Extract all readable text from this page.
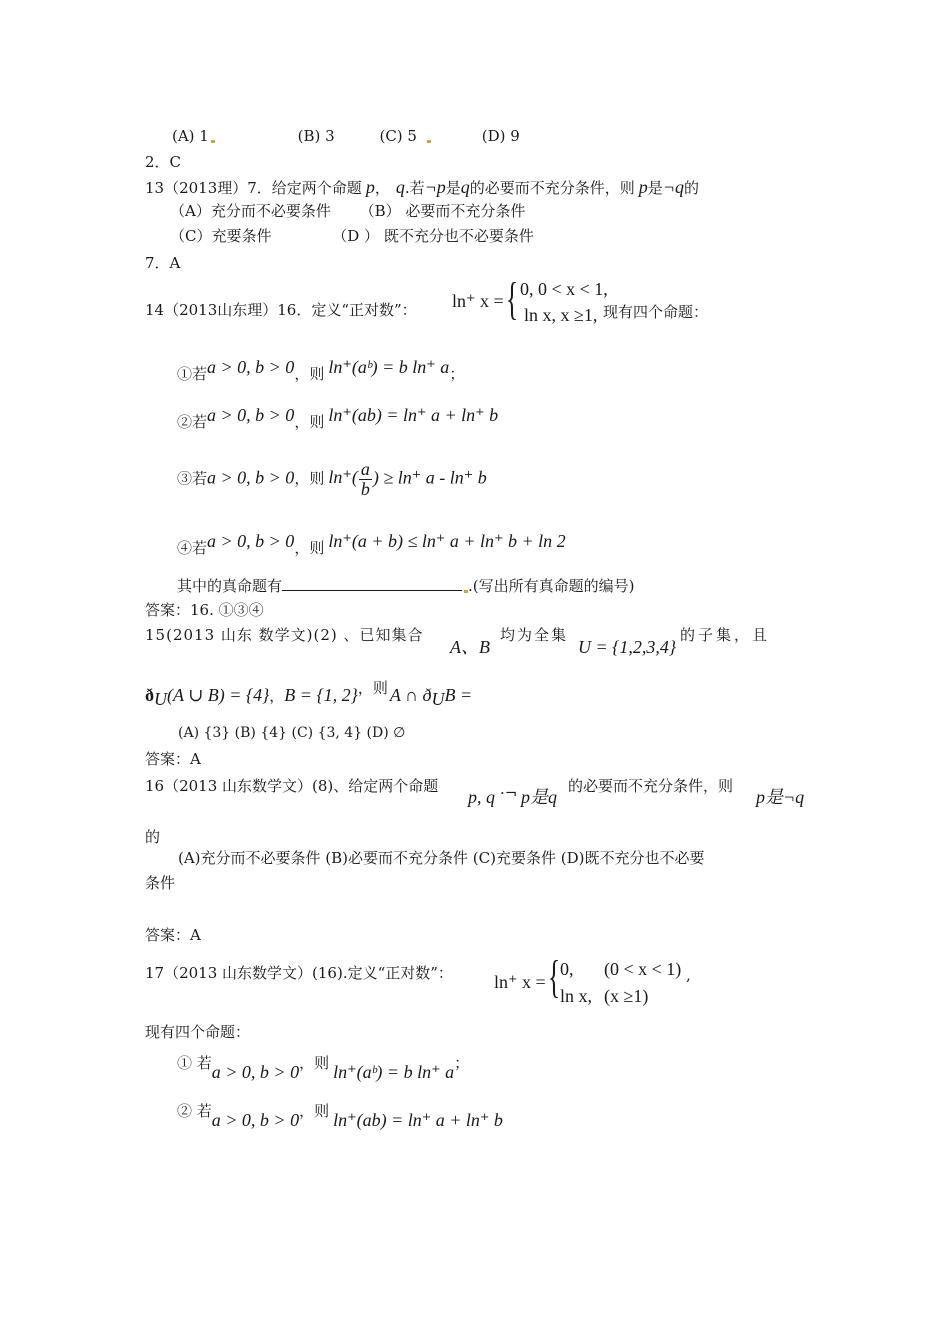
(A) 1	(B) 3	(C) 5	(D) 9
2．C
13（2013理）7．给定两个命题 p， q.若¬p是q的必要而不充分条件，则 p是¬q的
（A）充分而不必要条件 （B） 必要而不充分条件
（C）充要条件	（D ） 既不充分也不必要条件
7．A
14（2013山东理）16．定义“正对数”： ln⁺ x = { 0, 0 < x < 1,
ln x, x ≥1, 现有四个命题：
①若a > 0, b > 0，则 ln⁺(aᵇ) = b ln⁺ a；
②若a > 0, b > 0，则 ln⁺(ab) = ln⁺ a + ln⁺ b
③若a > 0, b > 0，则 $\ln^+( \frac{a}{b}$ ) ≥ ln⁺ a - ln⁺ b
④若a > 0, b > 0，则 ln⁺(a + b) ≤ ln⁺ a + ln⁺ b + ln 2
其中的真命题有	.(写出所有真命题的编号)
答案：16. ①③④
15(2013 山东 数学文)(2) 、已知集合
A、B
均为全集
U = {1,2,3,4}
的子集，且
$ð_U(A$ ∪ B) = {4}，B = {1, 2}，则 A ∩ $ð_UB$ =
(A) {3} (B) {4} (C) {3, 4} (D) ∅
答案：A
16（2013 山东数学文）(8)、给定两个命题
p, q ·¬ p是q
的必要而不充分条件，则
p是¬q
的
(A)充分而不必要条件 (B)必要而不充分条件 (C)充要条件 (D)既不充分也不必要
条件
答案：A
17（2013 山东数学文）(16).定义“正对数”： ln⁺ x = { 0, (0 < x < 1)
ln x, (x ≥1)
,
现有四个命题：
① 若a > 0, b > 0，则 ln⁺(aᵇ) = b ln⁺ a；
② 若a > 0, b > 0，则 ln⁺(ab) = ln⁺ a + ln⁺ b
